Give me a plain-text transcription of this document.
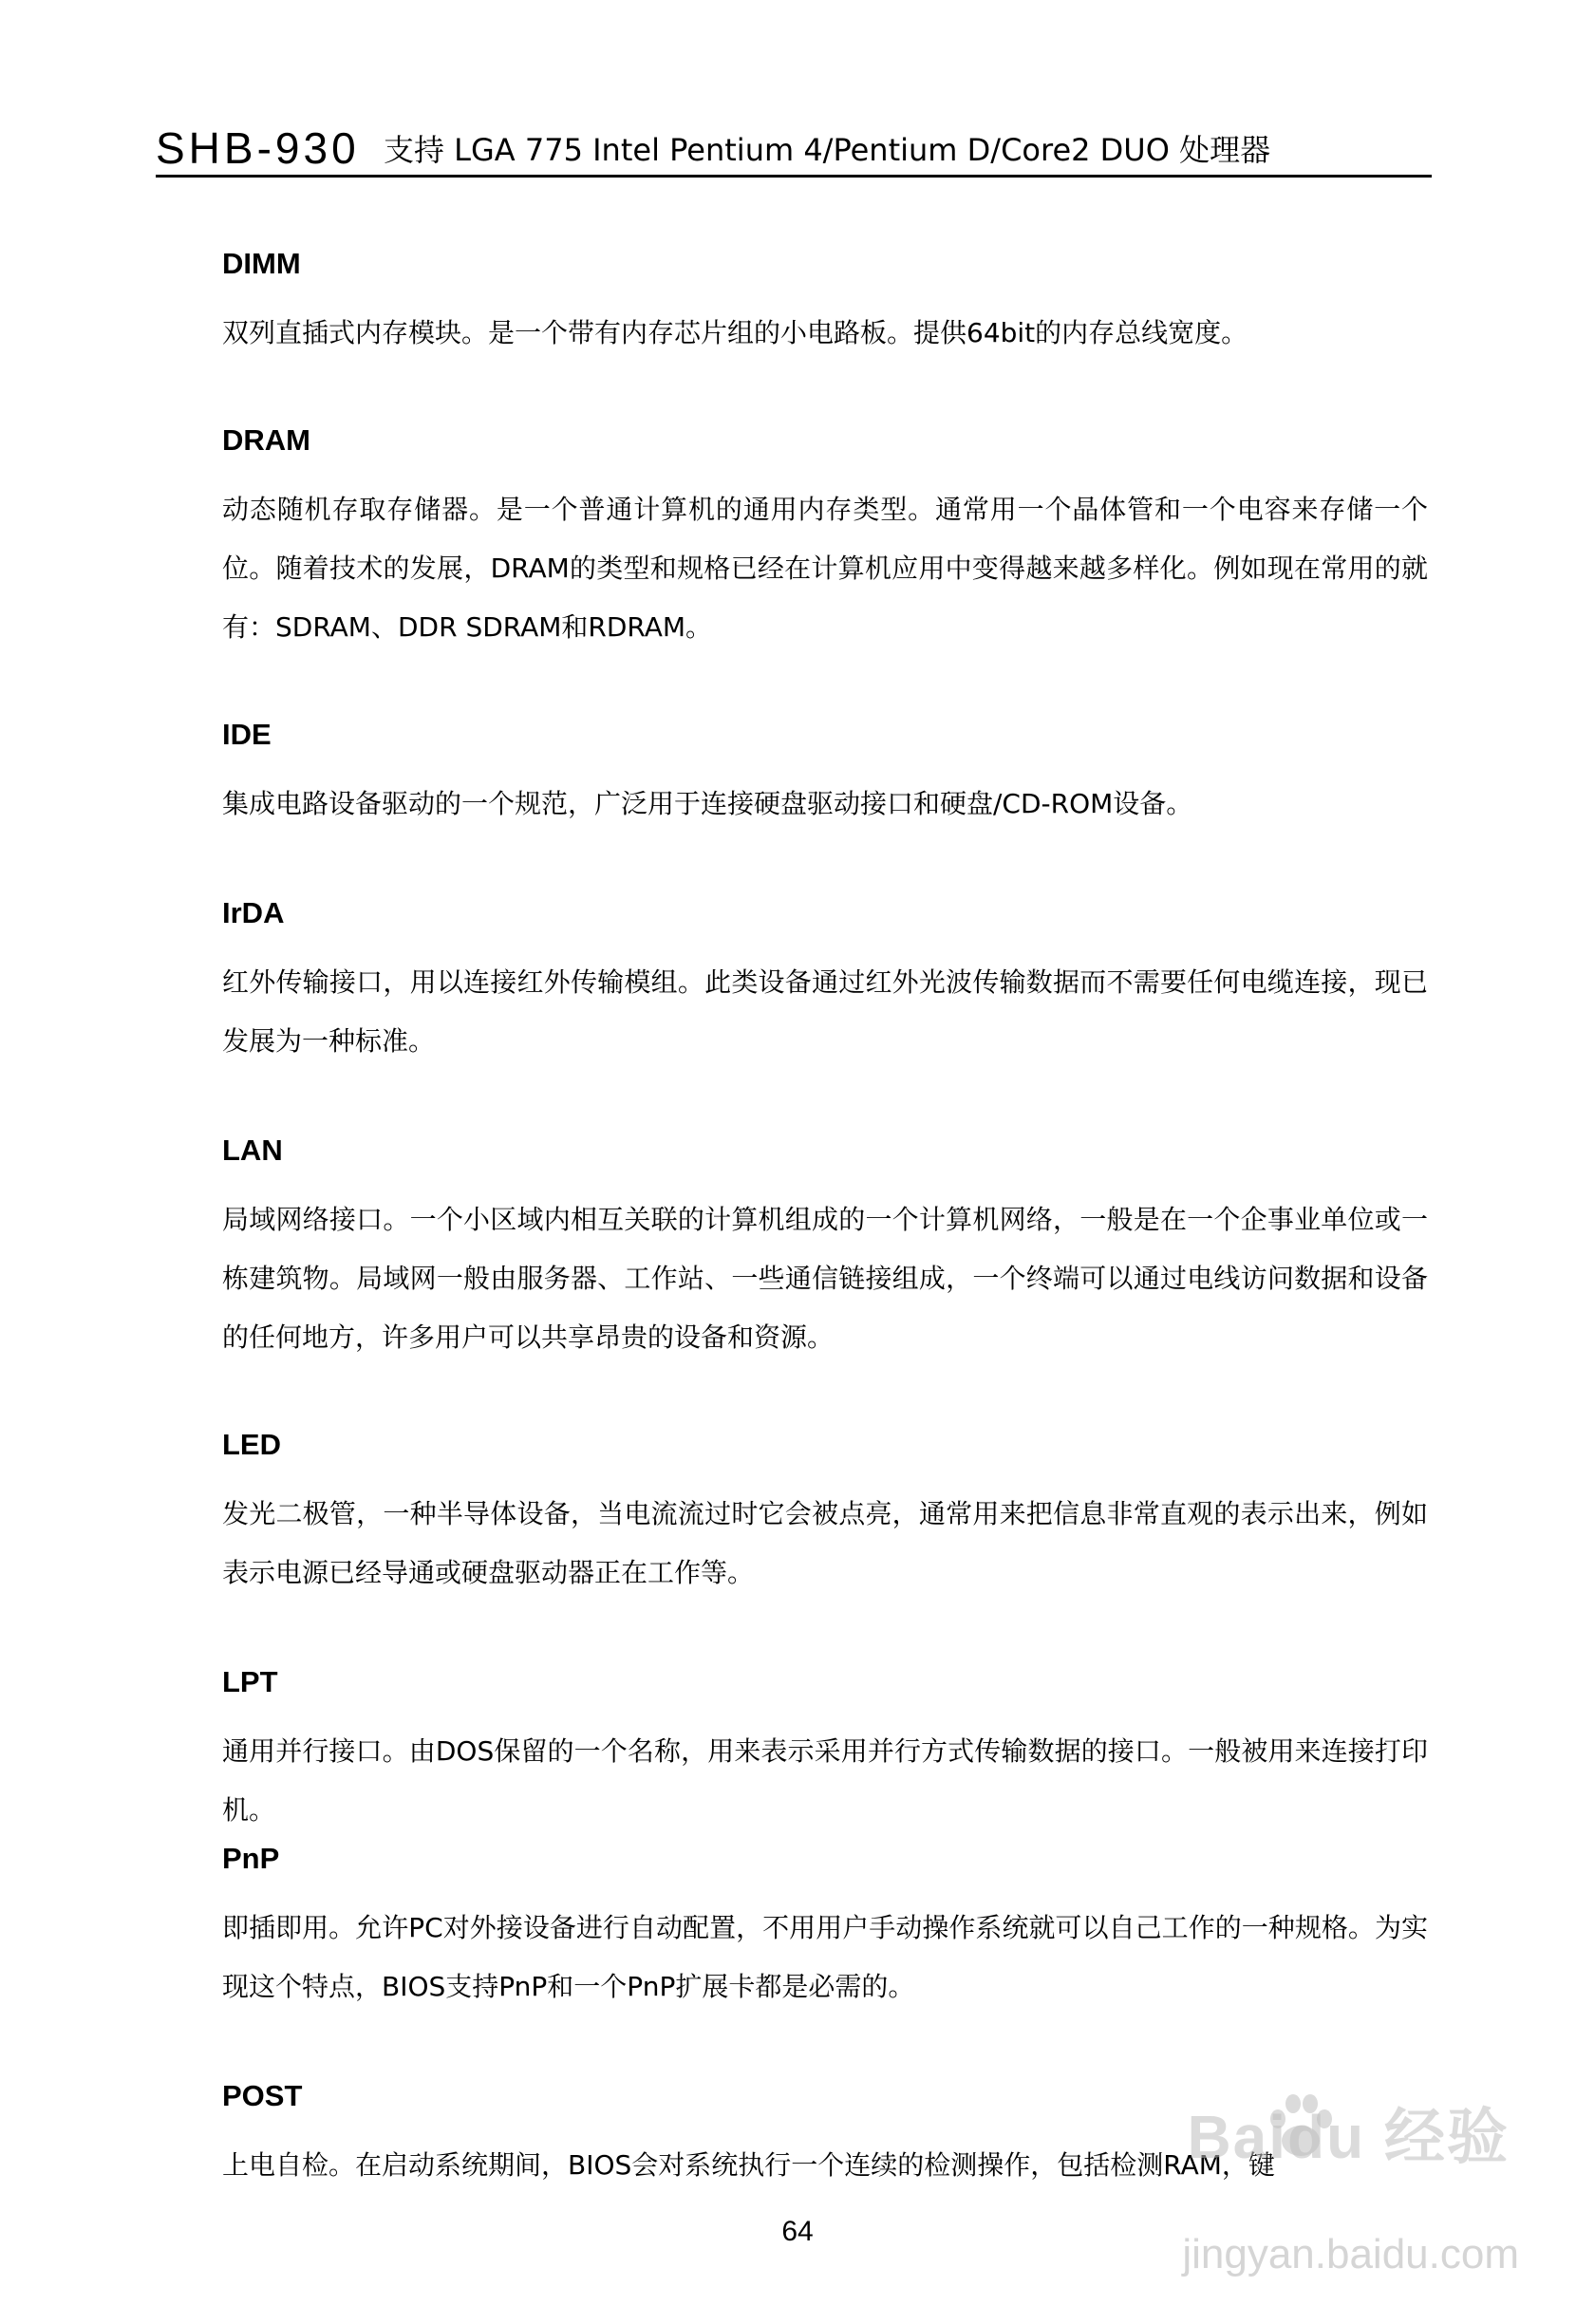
SHB-930 支持 LGA 775 Intel Pentium 4/Pentium D/Core2 DUO 处理器
DIMM
双列直插式内存模块。是一个带有内存芯片组的小电路板。提供64bit的内存总线宽度。
DRAM
动态随机存取存储器。是一个普通计算机的通用内存类型。通常用一个晶体管和一个电容来存储一个位。随着技术的发展，DRAM的类型和规格已经在计算机应用中变得越来越多样化。例如现在常用的就有：SDRAM、DDR SDRAM和RDRAM。
IDE
集成电路设备驱动的一个规范，广泛用于连接硬盘驱动接口和硬盘/CD-ROM设备。
IrDA
红外传输接口，用以连接红外传输模组。此类设备通过红外光波传输数据而不需要任何电缆连接，现已发展为一种标准。
LAN
局域网络接口。一个小区域内相互关联的计算机组成的一个计算机网络，一般是在一个企事业单位或一栋建筑物。局域网一般由服务器、工作站、一些通信链接组成，一个终端可以通过电线访问数据和设备的任何地方，许多用户可以共享昂贵的设备和资源。
LED
发光二极管，一种半导体设备，当电流流过时它会被点亮，通常用来把信息非常直观的表示出来，例如表示电源已经导通或硬盘驱动器正在工作等。
LPT
通用并行接口。由DOS保留的一个名称，用来表示采用并行方式传输数据的接口。一般被用来连接打印机。
PnP
即插即用。允许PC对外接设备进行自动配置，不用用户手动操作系统就可以自己工作的一种规格。为实现这个特点，BIOS支持PnP和一个PnP扩展卡都是必需的。
POST
上电自检。在启动系统期间，BIOS会对系统执行一个连续的检测操作，包括检测RAM，键
64
Baidu 经验
jingyan.baidu.com
